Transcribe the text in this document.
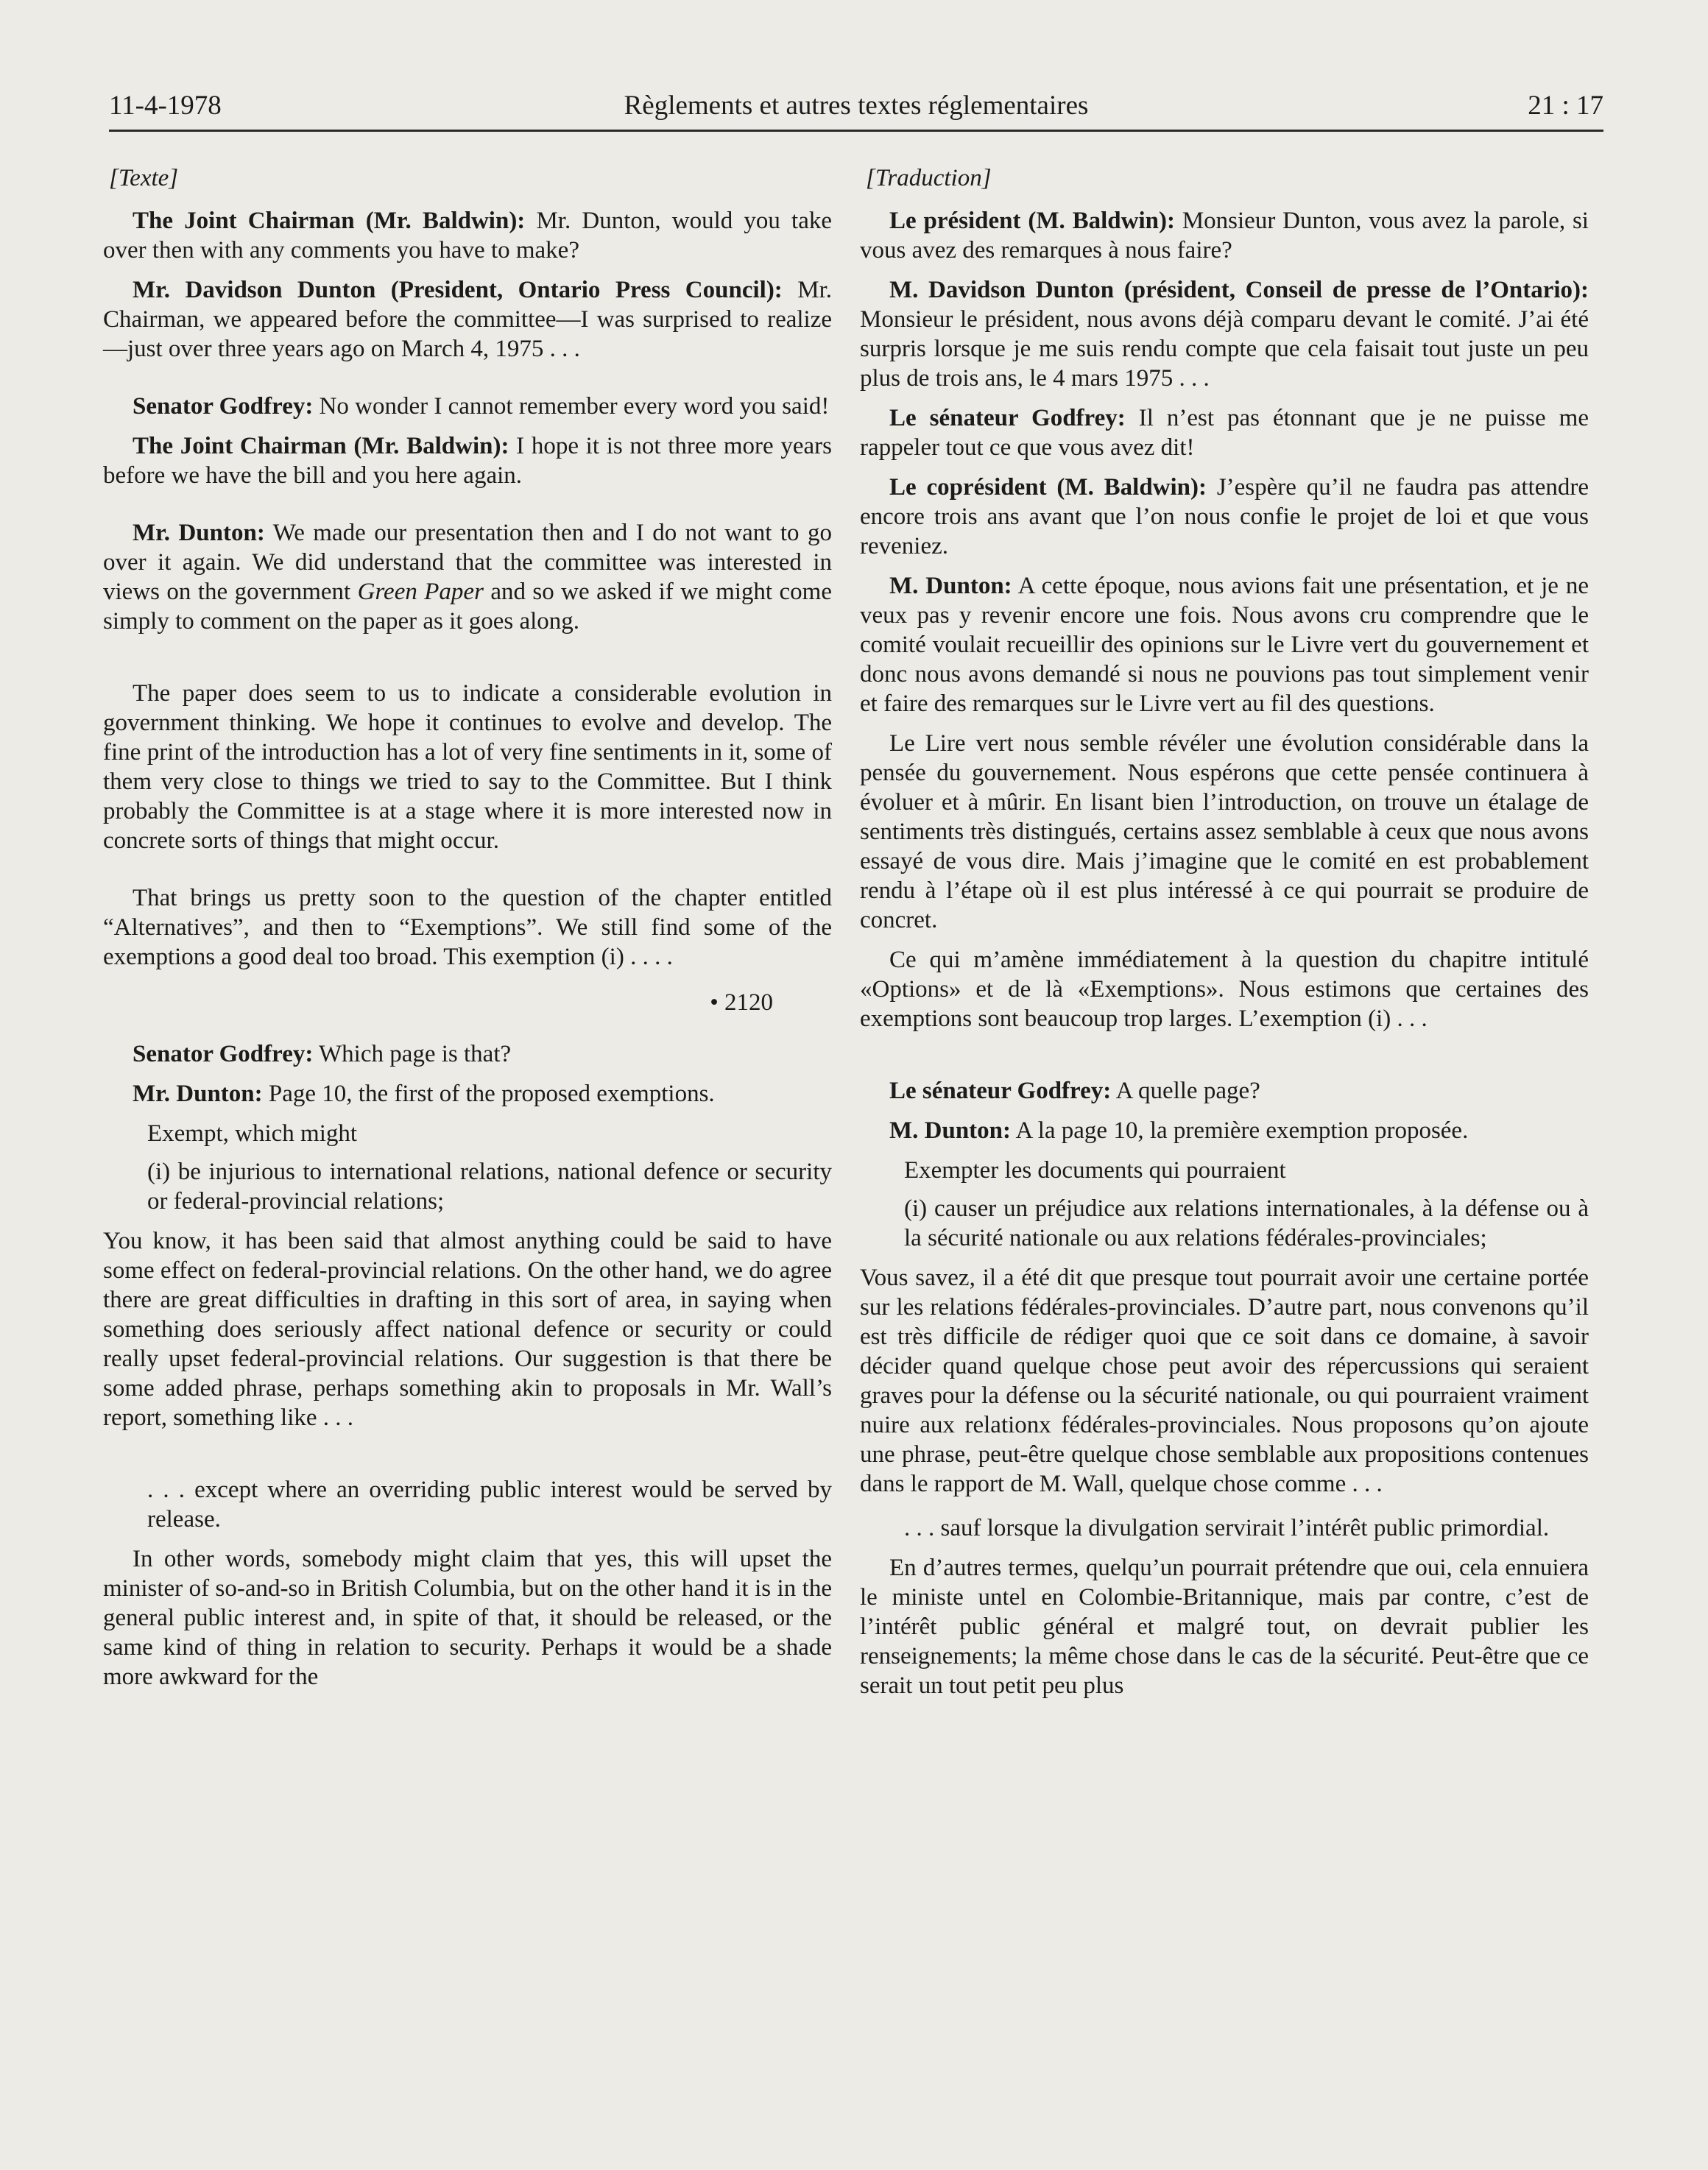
11-4-1978	Règlements et autres textes réglementaires	21 : 17

[Texte]

The Joint Chairman (Mr. Baldwin): Mr. Dunton, would you take over then with any comments you have to make?

Mr. Davidson Dunton (President, Ontario Press Council): Mr. Chairman, we appeared before the committee—I was surprised to realize—just over three years ago on March 4, 1975 . . .

Senator Godfrey: No wonder I cannot remember every word you said!

The Joint Chairman (Mr. Baldwin): I hope it is not three more years before we have the bill and you here again.

Mr. Dunton: We made our presentation then and I do not want to go over it again. We did understand that the committee was interested in views on the government Green Paper and so we asked if we might come simply to comment on the paper as it goes along.

The paper does seem to us to indicate a considerable evolution in government thinking. We hope it continues to evolve and develop. The fine print of the introduction has a lot of very fine sentiments in it, some of them very close to things we tried to say to the Committee. But I think probably the Committee is at a stage where it is more interested now in concrete sorts of things that might occur.

That brings us pretty soon to the question of the chapter entitled “Alternatives”, and then to “Exemptions”. We still find some of the exemptions a good deal too broad. This exemption (i) . . . .

• 2120

Senator Godfrey: Which page is that?

Mr. Dunton: Page 10, the first of the proposed exemptions.

Exempt, which might

(i) be injurious to international relations, national defence or security or federal-provincial relations;

You know, it has been said that almost anything could be said to have some effect on federal-provincial relations. On the other hand, we do agree there are great difficulties in drafting in this sort of area, in saying when something does seriously affect national defence or security or could really upset federal-provincial relations. Our suggestion is that there be some added phrase, perhaps something akin to proposals in Mr. Wall’s report, something like . . .

. . . except where an overriding public interest would be served by release.

In other words, somebody might claim that yes, this will upset the minister of so-and-so in British Columbia, but on the other hand it is in the general public interest and, in spite of that, it should be released, or the same kind of thing in relation to security. Perhaps it would be a shade more awkward for the

[Traduction]

Le président (M. Baldwin): Monsieur Dunton, vous avez la parole, si vous avez des remarques à nous faire?

M. Davidson Dunton (président, Conseil de presse de l’Ontario): Monsieur le président, nous avons déjà comparu devant le comité. J’ai été surpris lorsque je me suis rendu compte que cela faisait tout juste un peu plus de trois ans, le 4 mars 1975 . . .

Le sénateur Godfrey: Il n’est pas étonnant que je ne puisse me rappeler tout ce que vous avez dit!

Le coprésident (M. Baldwin): J’espère qu’il ne faudra pas attendre encore trois ans avant que l’on nous confie le projet de loi et que vous reveniez.

M. Dunton: A cette époque, nous avions fait une présentation, et je ne veux pas y revenir encore une fois. Nous avons cru comprendre que le comité voulait recueillir des opinions sur le Livre vert du gouvernement et donc nous avons demandé si nous ne pouvions pas tout simplement venir et faire des remarques sur le Livre vert au fil des questions.

Le Lire vert nous semble révéler une évolution considérable dans la pensée du gouvernement. Nous espérons que cette pensée continuera à évoluer et à mûrir. En lisant bien l’introduction, on trouve un étalage de sentiments très distingués, certains assez semblable à ceux que nous avons essayé de vous dire. Mais j’imagine que le comité en est probablement rendu à l’étape où il est plus intéressé à ce qui pourrait se produire de concret.

Ce qui m’amène immédiatement à la question du chapitre intitulé «Options» et de là «Exemptions». Nous estimons que certaines des exemptions sont beaucoup trop larges. L’exemption (i) . . .

Le sénateur Godfrey: A quelle page?

M. Dunton: A la page 10, la première exemption proposée.

Exempter les documents qui pourraient

(i) causer un préjudice aux relations internationales, à la défense ou à la sécurité nationale ou aux relations fédérales-provinciales;

Vous savez, il a été dit que presque tout pourrait avoir une certaine portée sur les relations fédérales-provinciales. D’autre part, nous convenons qu’il est très difficile de rédiger quoi que ce soit dans ce domaine, à savoir décider quand quelque chose peut avoir des répercussions qui seraient graves pour la défense ou la sécurité nationale, ou qui pourraient vraiment nuire aux relationx fédérales-provinciales. Nous proposons qu’on ajoute une phrase, peut-être quelque chose semblable aux propositions contenues dans le rapport de M. Wall, quelque chose comme . . .

. . . sauf lorsque la divulgation servirait l’intérêt public primordial.

En d’autres termes, quelqu’un pourrait prétendre que oui, cela ennuiera le ministe untel en Colombie-Britannique, mais par contre, c’est de l’intérêt public général et malgré tout, on devrait publier les renseignements; la même chose dans le cas de la sécurité. Peut-être que ce serait un tout petit peu plus
